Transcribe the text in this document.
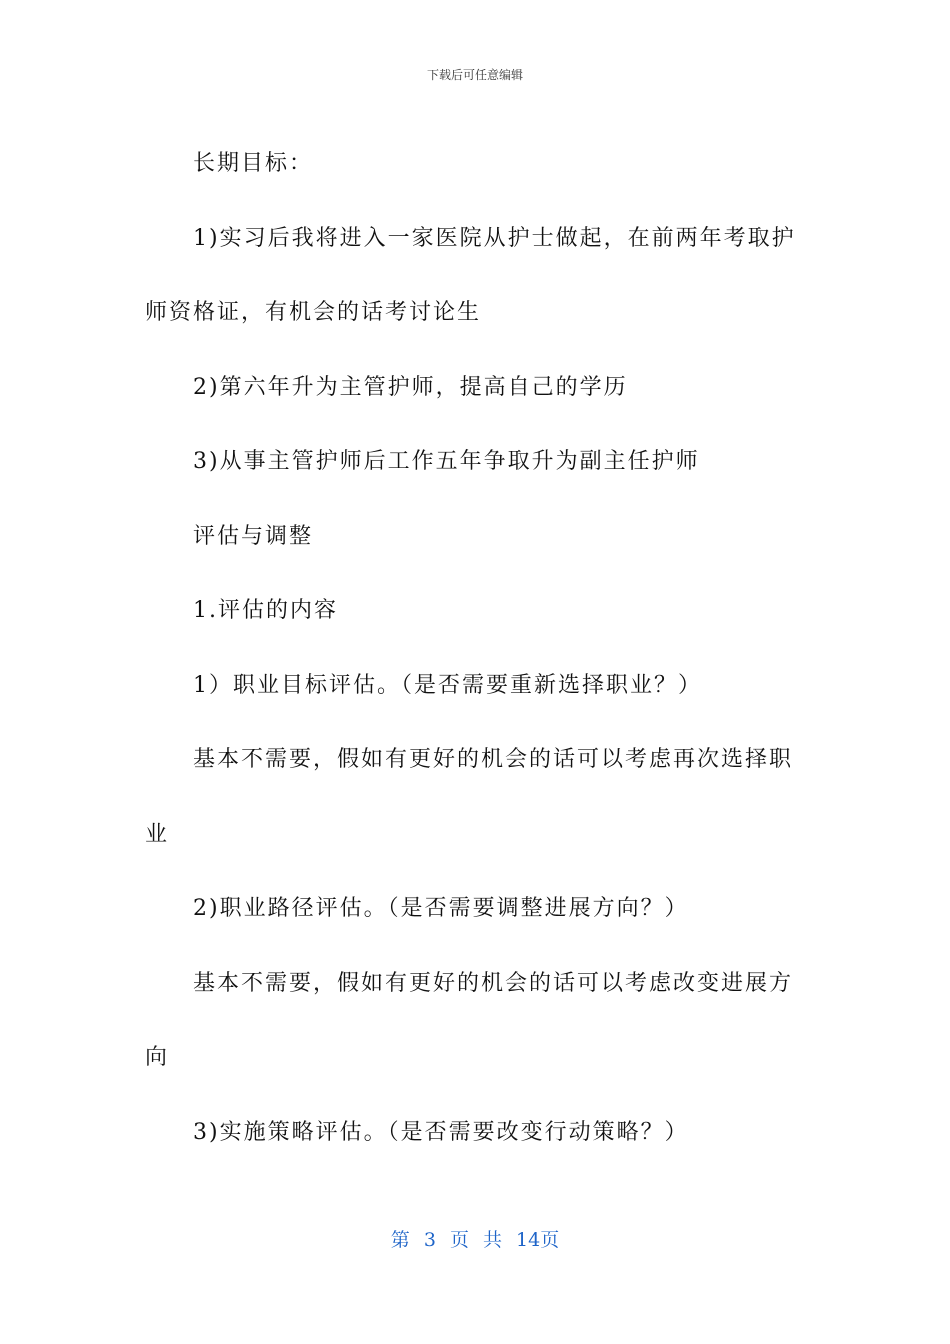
下载后可任意编辑

长期目标：

1)实习后我将进入一家医院从护士做起，在前两年考取护师资格证，有机会的话考讨论生

2)第六年升为主管护师，提高自己的学历

3)从事主管护师后工作五年争取升为副主任护师

评估与调整

1.评估的内容

1）职业目标评估。（是否需要重新选择职业？）

基本不需要，假如有更好的机会的话可以考虑再次选择职业

2)职业路径评估。（是否需要调整进展方向？）

基本不需要，假如有更好的机会的话可以考虑改变进展方向

3)实施策略评估。（是否需要改变行动策略？）

第 3 页 共 14页
